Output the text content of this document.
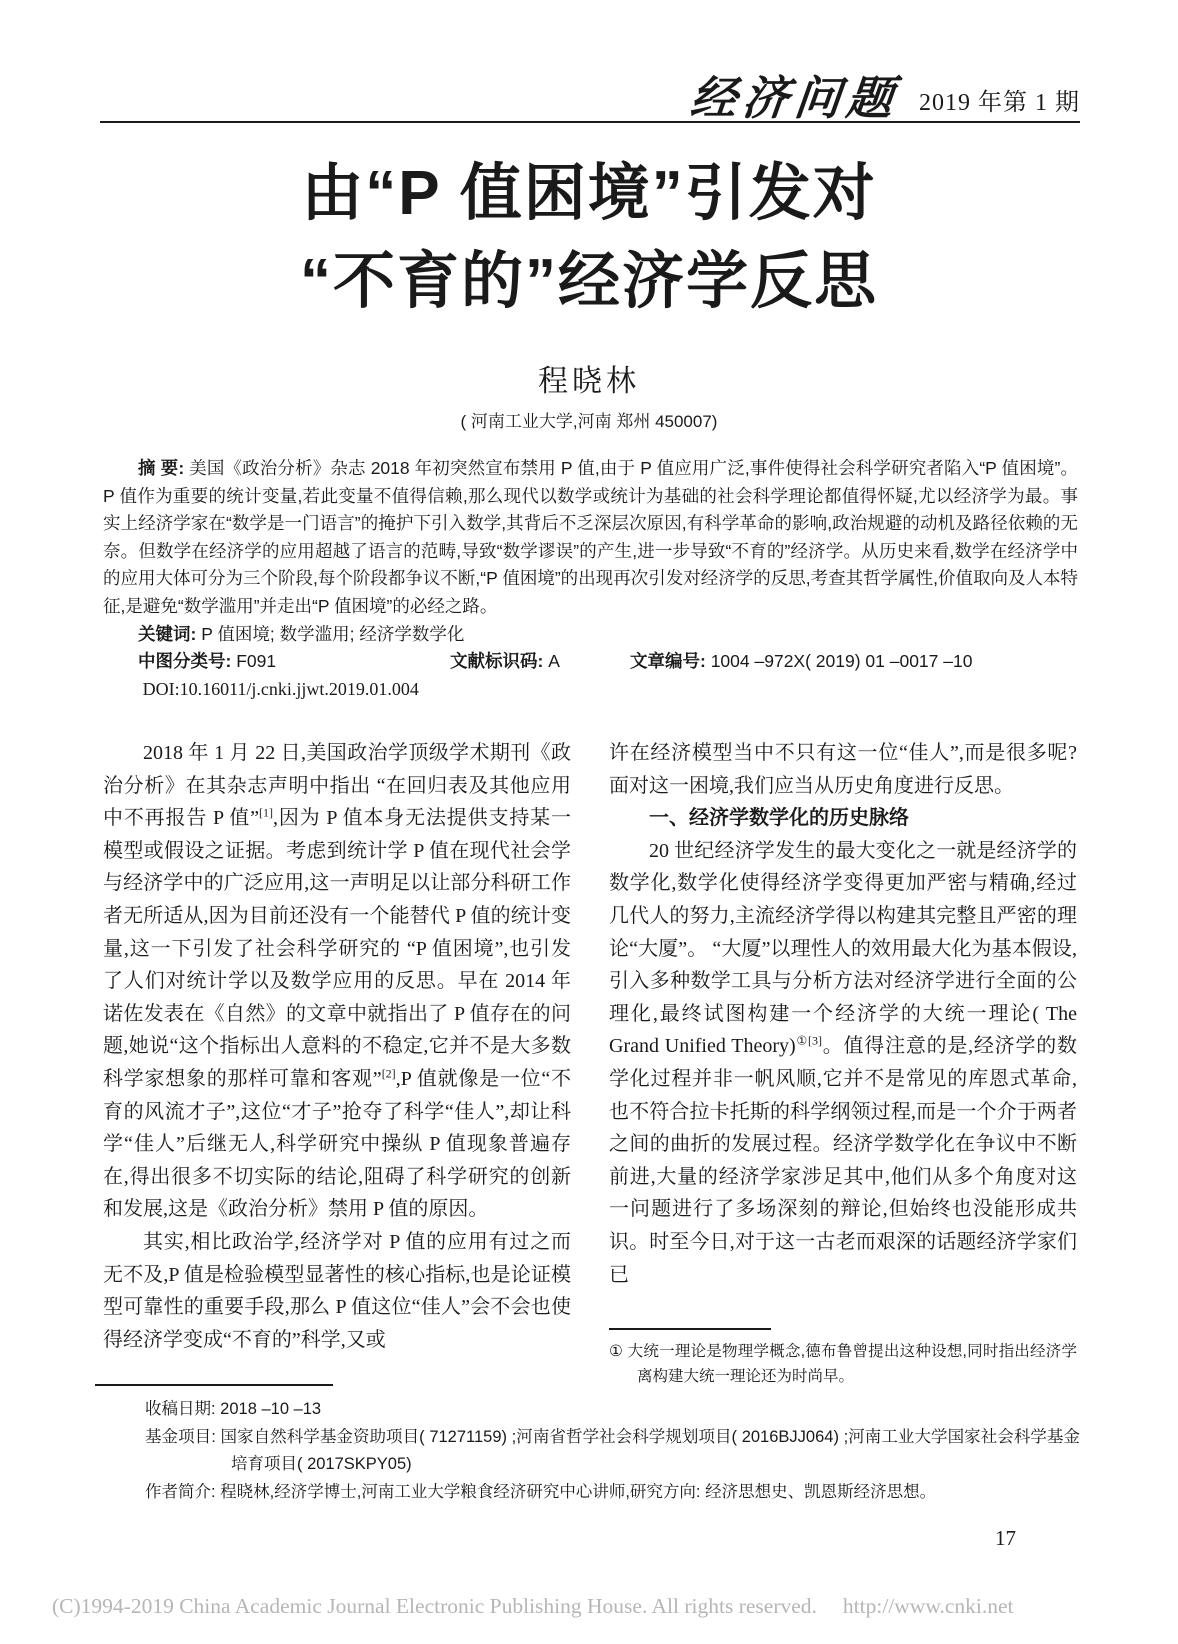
经济问题 2019 年第 1 期
由“P 值困境”引发对
“不育的”经济学反思
程晓林
( 河南工业大学,河南 郑州 450007)

摘 要: 美国《政治分析》杂志 2018 年初突然宣布禁用 P 值,由于 P 值应用广泛,事件使得社会科学研究者陷入“P 值困境”。P 值作为重要的统计变量,若此变量不值得信赖,那么现代以数学或统计为基础的社会科学理论都值得怀疑,尤以经济学为最。事实上经济学家在“数学是一门语言”的掩护下引入数学,其背后不乏深层次原因,有科学革命的影响,政治规避的动机及路径依赖的无奈。但数学在经济学的应用超越了语言的范畴,导致“数学谬误”的产生,进一步导致“不育的”经济学。从历史来看,数学在经济学中的应用大体可分为三个阶段,每个阶段都争议不断,“P 值困境”的出现再次引发对经济学的反思,考查其哲学属性,价值取向及人本特征,是避免“数学滥用”并走出“P 值困境”的必经之路。

关键词: P 值困境; 数学滥用; 经济学数学化

中图分类号: F091	文献标识码: A	文章编号: 1004 –972X( 2019) 01 –0017 –10

DOI:10.16011/j.cnki.jjwt.2019.01.004

2018 年 1 月 22 日,美国政治学顶级学术期刊《政治分析》在其杂志声明中指出 “在回归表及其他应用中不再报告 P 值”[1],因为 P 值本身无法提供支持某一模型或假设之证据。考虑到统计学 P 值在现代社会学与经济学中的广泛应用,这一声明足以让部分科研工作者无所适从,因为目前还没有一个能替代 P 值的统计变量,这一下引发了社会科学研究的 “P 值困境”,也引发了人们对统计学以及数学应用的反思。早在 2014 年诺佐发表在《自然》的文章中就指出了 P 值存在的问题,她说“这个指标出人意料的不稳定,它并不是大多数科学家想象的那样可靠和客观”[2],P 值就像是一位“不育的风流才子”,这位“才子”抢夺了科学“佳人”,却让科学“佳人”后继无人,科学研究中操纵 P 值现象普遍存在,得出很多不切实际的结论,阻碍了科学研究的创新和发展,这是《政治分析》禁用 P 值的原因。

其实,相比政治学,经济学对 P 值的应用有过之而无不及,P 值是检验模型显著性的核心指标,也是论证模型可靠性的重要手段,那么 P 值这位“佳人”会不会也使得经济学变成“不育的”科学,又或

许在经济模型当中不只有这一位“佳人”,而是很多呢? 面对这一困境,我们应当从历史角度进行反思。

一、经济学数学化的历史脉络

20 世纪经济学发生的最大变化之一就是经济学的数学化,数学化使得经济学变得更加严密与精确,经过几代人的努力,主流经济学得以构建其完整且严密的理论“大厦”。 “大厦”以理性人的效用最大化为基本假设,引入多种数学工具与分析方法对经济学进行全面的公理化,最终试图构建一个经济学的大统一理论( The Grand Unified Theory)$^{①[3]}$。值得注意的是,经济学的数学化过程并非一帆风顺,它并不是常见的库恩式革命,也不符合拉卡托斯的科学纲领过程,而是一个介于两者之间的曲折的发展过程。经济学数学化在争议中不断前进,大量的经济学家涉足其中,他们从多个角度对这一问题进行了多场深刻的辩论,但始终也没能形成共识。时至今日,对于这一古老而艰深的话题经济学家们已

① 大统一理论是物理学概念,德布鲁曾提出这种设想,同时指出经济学离构建大统一理论还为时尚早。

收稿日期: 2018 –10 –13

基金项目: 国家自然科学基金资助项目( 71271159) ;河南省哲学社会科学规划项目( 2016BJJ064) ;河南工业大学国家社会科学基金培育项目( 2017SKPY05)

作者简介: 程晓林,经济学博士,河南工业大学粮食经济研究中心讲师,研究方向: 经济思想史、凯恩斯经济思想。

17
(C)1994-2019 China Academic Journal Electronic Publishing House. All rights reserved. http://www.cnki.net
